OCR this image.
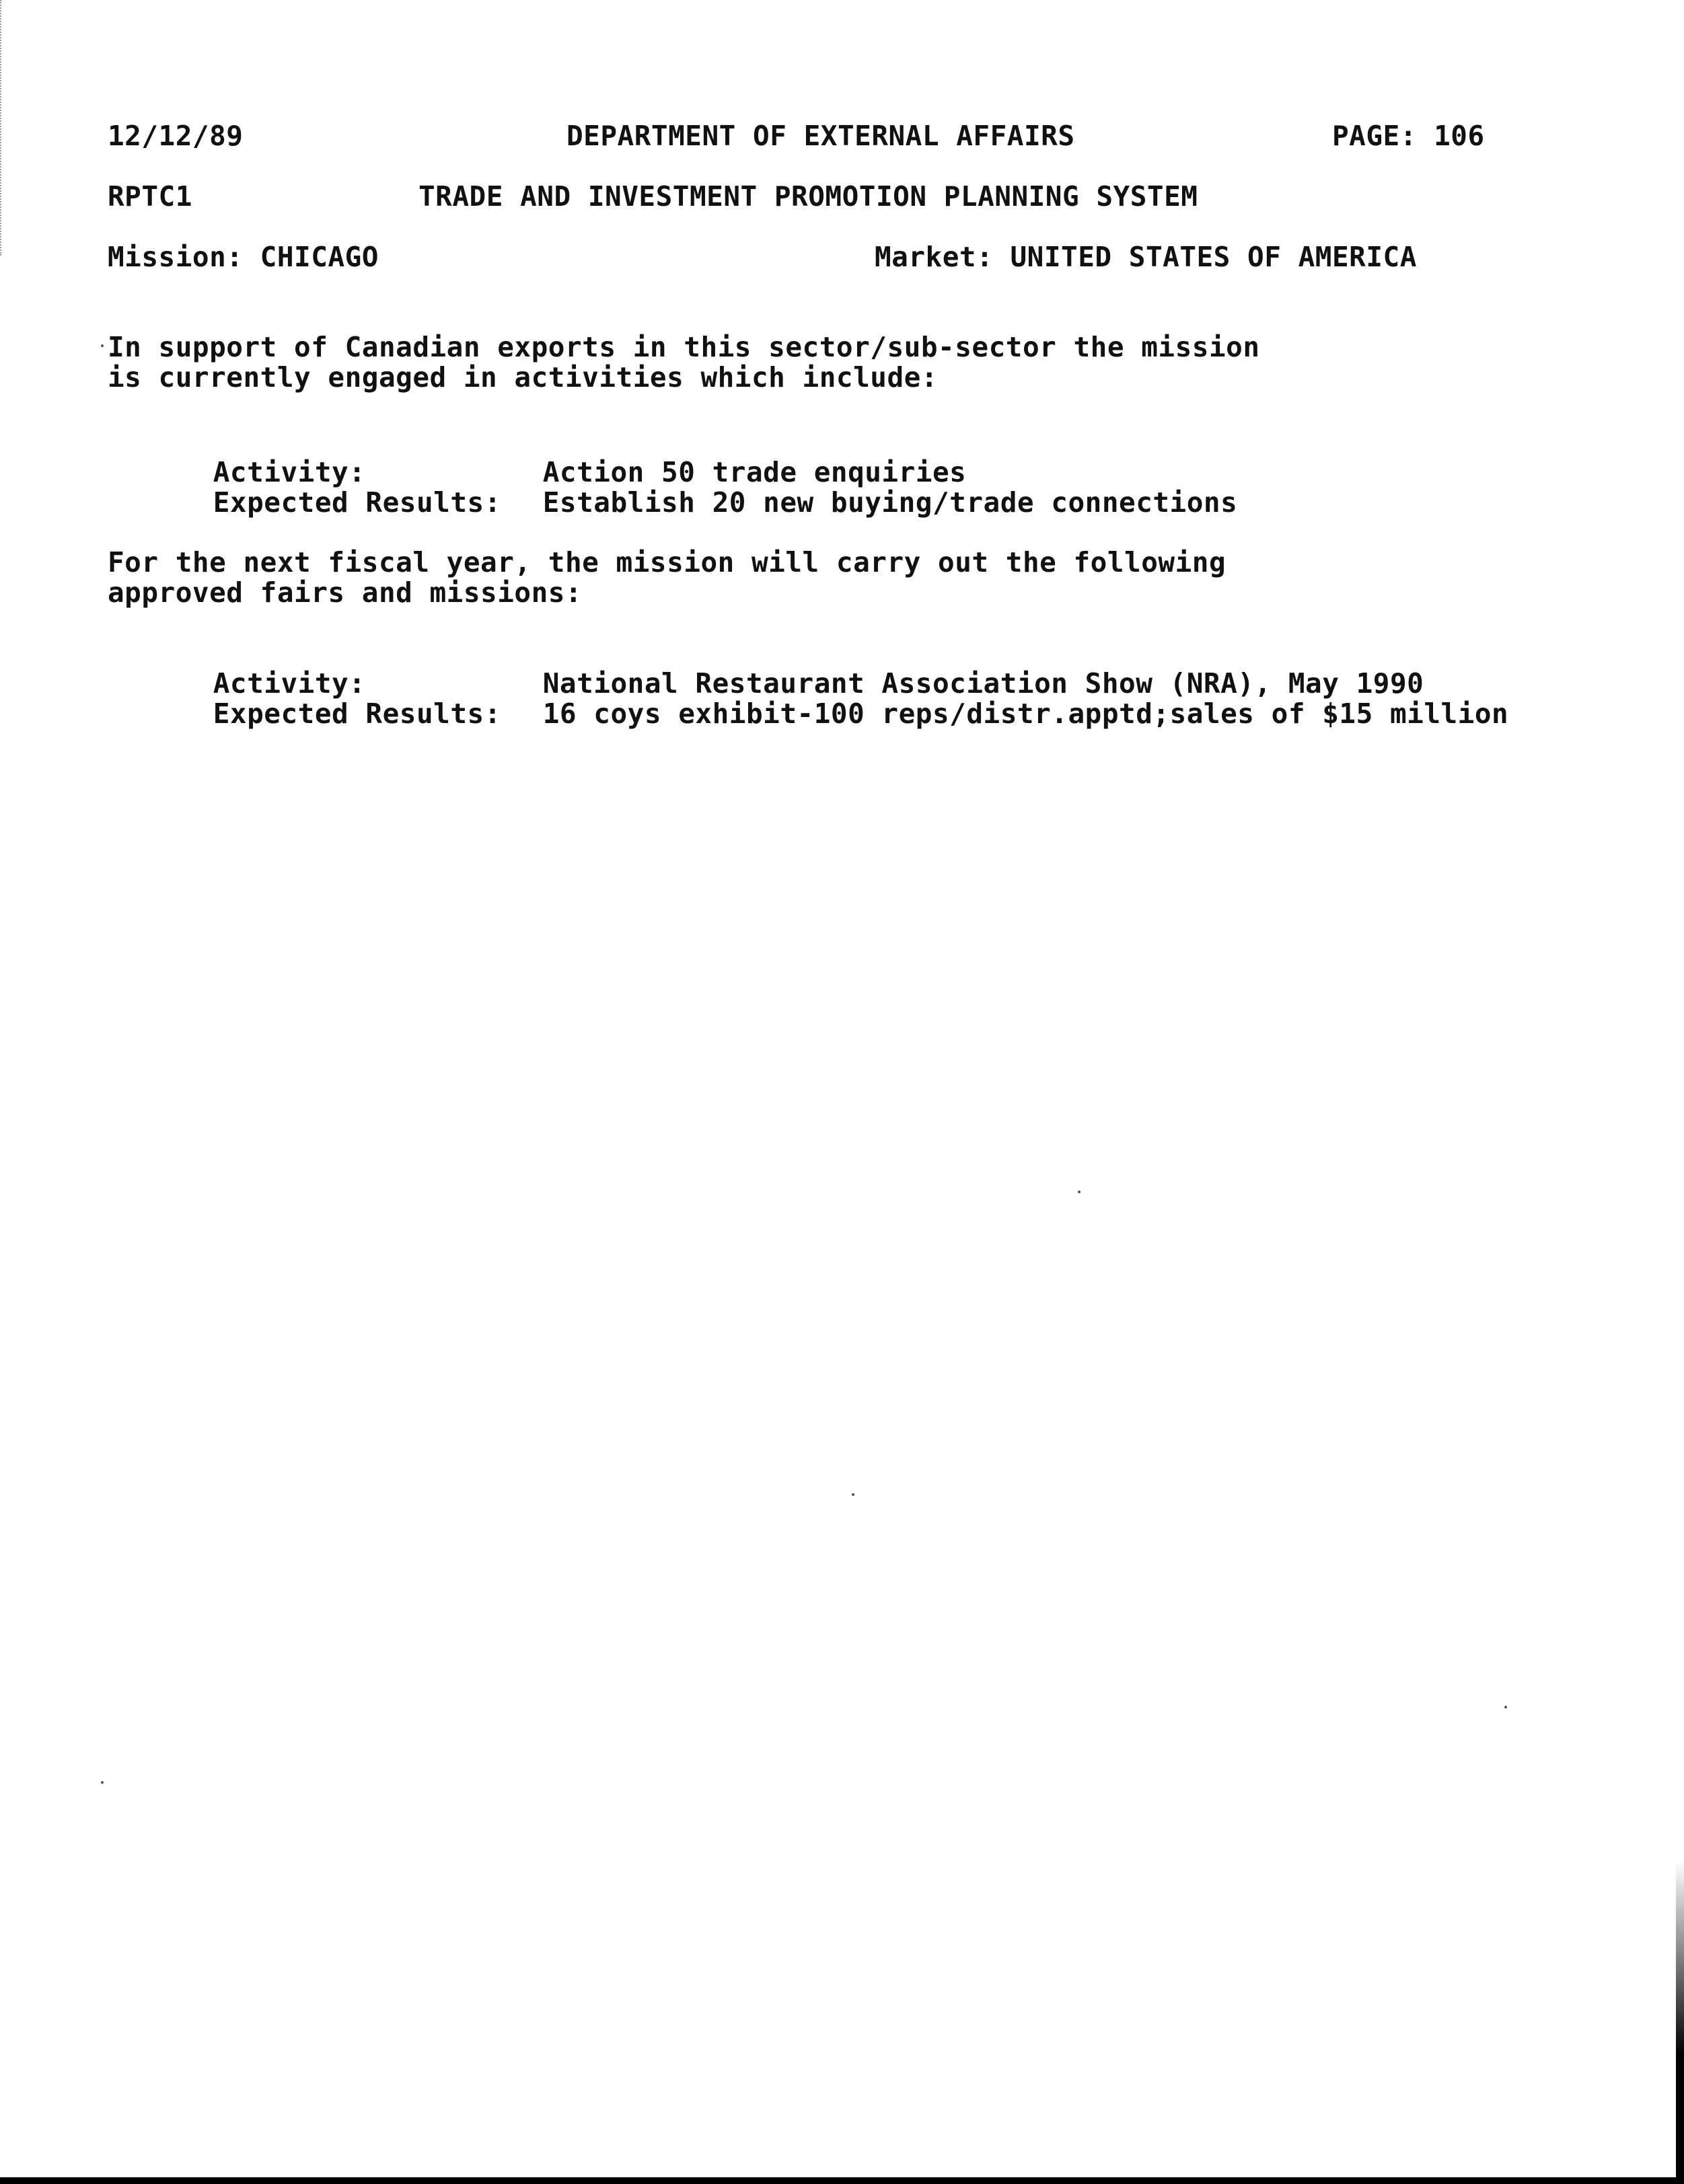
12/12/89	DEPARTMENT OF EXTERNAL AFFAIRS	PAGE: 106
RPTC1	TRADE AND INVESTMENT PROMOTION PLANNING SYSTEM
Mission: CHICAGO	Market: UNITED STATES OF AMERICA
In support of Canadian exports in this sector/sub-sector the mission
is currently engaged in activities which include:

Activity:	Action 50 trade enquiries

Expected Results: Establish 20 new buying/trade connections

For the next fiscal year, the mission will carry out the following
approved fairs and missions:

Activity:	National Restaurant Association Show (NRA), May 1990

Expected Results: 16 coys exhibit-100 reps/distr.apptd;sales of $15 million
